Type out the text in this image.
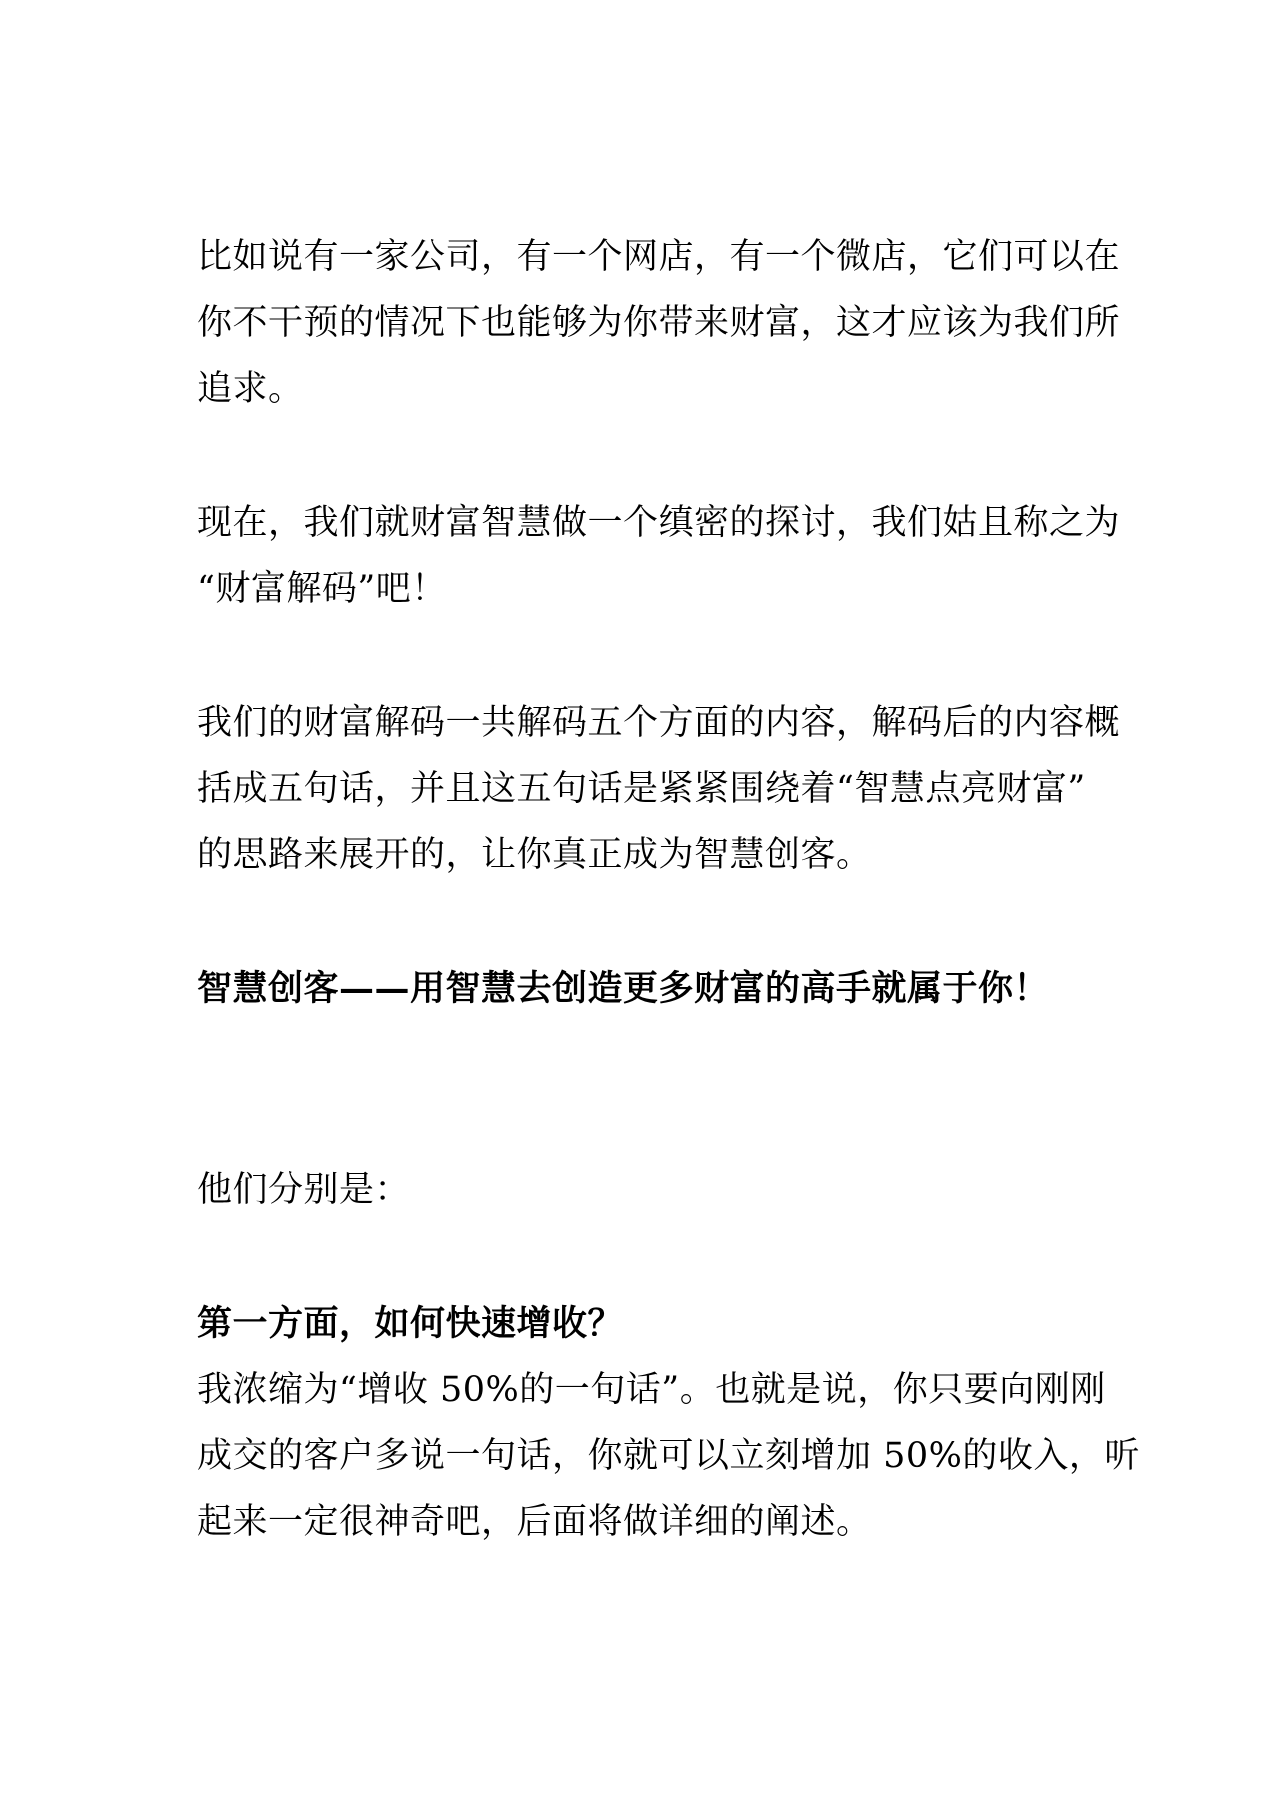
比如说有一家公司，有一个网店，有一个微店，它们可以在
你不干预的情况下也能够为你带来财富，这才应该为我们所
追求。
现在，我们就财富智慧做一个缜密的探讨，我们姑且称之为
“财富解码”吧！
我们的财富解码一共解码五个方面的内容，解码后的内容概
括成五句话，并且这五句话是紧紧围绕着“智慧点亮财富”
的思路来展开的，让你真正成为智慧创客。
智慧创客——用智慧去创造更多财富的高手就属于你！
他们分别是：
第一方面，如何快速增收？
我浓缩为“增收 50%的一句话”。也就是说，你只要向刚刚
成交的客户多说一句话，你就可以立刻增加 50%的收入，听
起来一定很神奇吧，后面将做详细的阐述。
